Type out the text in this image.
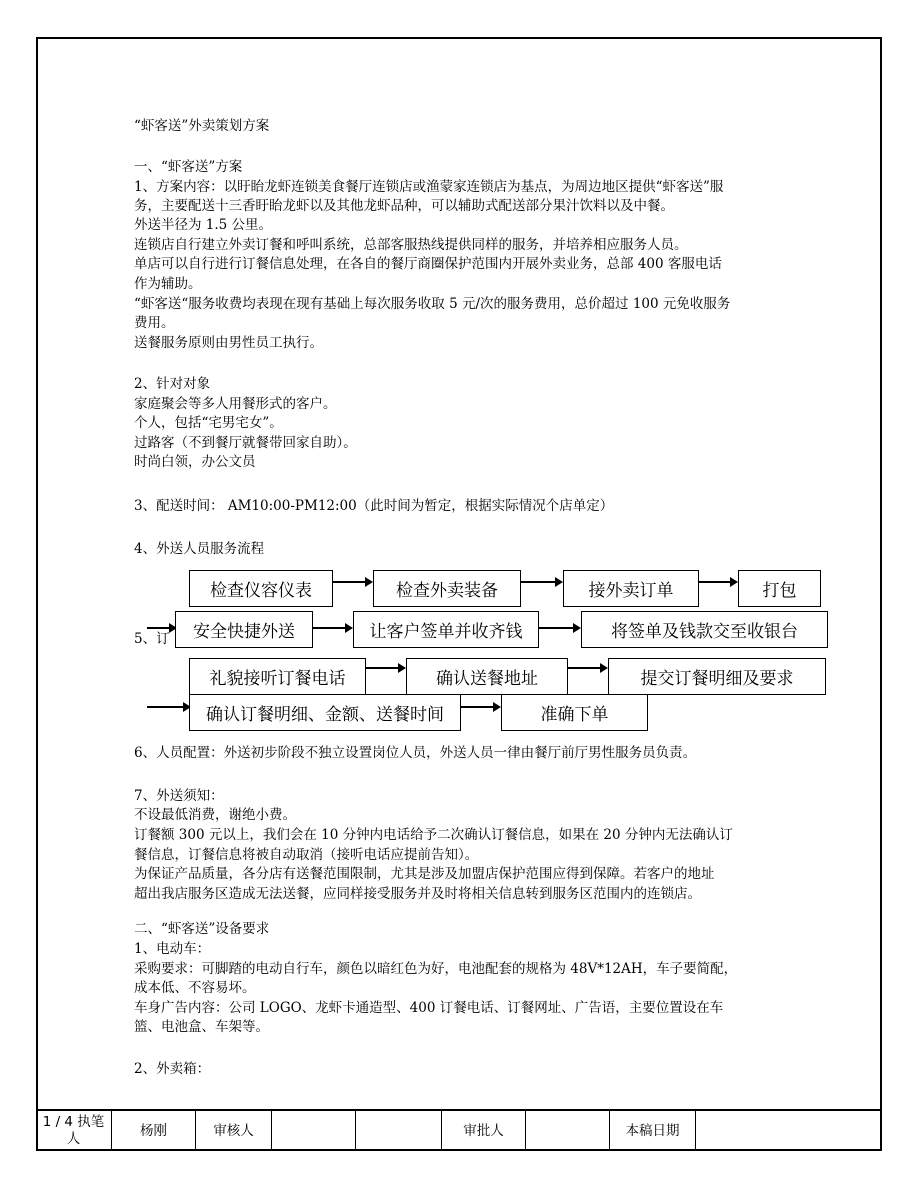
“虾客送”外卖策划方案
一、“虾客送”方案
1、方案内容：以盱眙龙虾连锁美食餐厅连锁店或渔蒙家连锁店为基点，为周边地区提供“虾客送”服
务，主要配送十三香盱眙龙虾以及其他龙虾品种，可以辅助式配送部分果汁饮料以及中餐。
外送半径为 1.5 公里。
连锁店自行建立外卖订餐和呼叫系统，总部客服热线提供同样的服务，并培养相应服务人员。
单店可以自行进行订餐信息处理，在各自的餐厅商圈保护范围内开展外卖业务，总部 400 客服电话
作为辅助。
“虾客送“服务收费均表现在现有基础上每次服务收取 5 元/次的服务费用，总价超过 100 元免收服务
费用。
送餐服务原则由男性员工执行。
2、针对对象
家庭聚会等多人用餐形式的客户。
个人，包括“宅男宅女”。
过路客（不到餐厅就餐带回家自助）。
时尚白领，办公文员
3、配送时间： AM10:00-PM12:00（此时间为暂定，根据实际情况个店单定）
4、外送人员服务流程
5、订
检查仪容仪表	检查外卖装备	接外卖订单	打包
安全快捷外送	让客户签单并收齐钱	将签单及钱款交至收银台
礼貌接听订餐电话	确认送餐地址	提交订餐明细及要求
确认订餐明细、金额、送餐时间	准确下单
6、人员配置：外送初步阶段不独立设置岗位人员，外送人员一律由餐厅前厅男性服务员负责。
7、外送须知：
不设最低消费，谢绝小费。
订餐额 300 元以上，我们会在 10 分钟内电话给予二次确认订餐信息，如果在 20 分钟内无法确认订
餐信息，订餐信息将被自动取消（接听电话应提前告知）。
为保证产品质量，各分店有送餐范围限制，尤其是涉及加盟店保护范围应得到保障。若客户的地址
超出我店服务区造成无法送餐，应同样接受服务并及时将相关信息转到服务区范围内的连锁店。
二、“虾客送”设备要求
1、电动车：
采购要求：可脚踏的电动自行车，颜色以暗红色为好，电池配套的规格为 48V*12AH，车子要简配，
成本低、不容易坏。
车身广告内容：公司 LOGO、龙虾卡通造型、400 订餐电话、订餐网址、广告语，主要位置设在车
篮、电池盒、车架等。
2、外卖箱：
1 / 4 执笔人
杨刚	审核人	审批人	本稿日期
